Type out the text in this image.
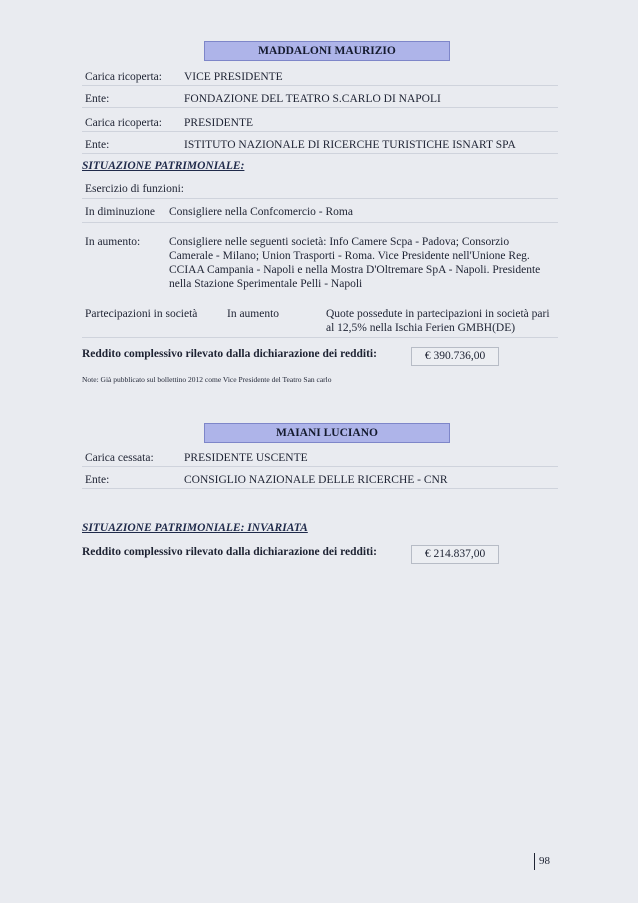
MADDALONI MAURIZIO
Carica ricoperta: VICE PRESIDENTE
Ente:	FONDAZIONE DEL TEATRO S.CARLO DI NAPOLI
Carica ricoperta: PRESIDENTE
Ente:	ISTITUTO NAZIONALE DI RICERCHE TURISTICHE ISNART SPA
SITUAZIONE PATRIMONIALE:
Esercizio di funzioni:
In diminuzione Consigliere nella Confcomercio - Roma
In aumento:	Consigliere nelle seguenti società: Info Camere Scpa - Padova; Consorzio
Camerale - Milano; Union Trasporti - Roma. Vice Presidente nell'Unione Reg.
CCIAA Campania - Napoli e nella Mostra D'Oltremare SpA - Napoli. Presidente
nella Stazione Sperimentale Pelli - Napoli
Partecipazioni in società	In aumento	Quote possedute in partecipazioni in società pari
al 12,5% nella Ischia Ferien GMBH(DE)
Reddito complessivo rilevato dalla dichiarazione dei redditi:	€ 390.736,00
Note: Già pubblicato sul bollettino 2012 come Vice Presidente del Teatro San carlo
MAIANI LUCIANO
Carica cessata:	PRESIDENTE USCENTE
Ente:	CONSIGLIO NAZIONALE DELLE RICERCHE - CNR
SITUAZIONE PATRIMONIALE: INVARIATA
Reddito complessivo rilevato dalla dichiarazione dei redditi:	€ 214.837,00
98
